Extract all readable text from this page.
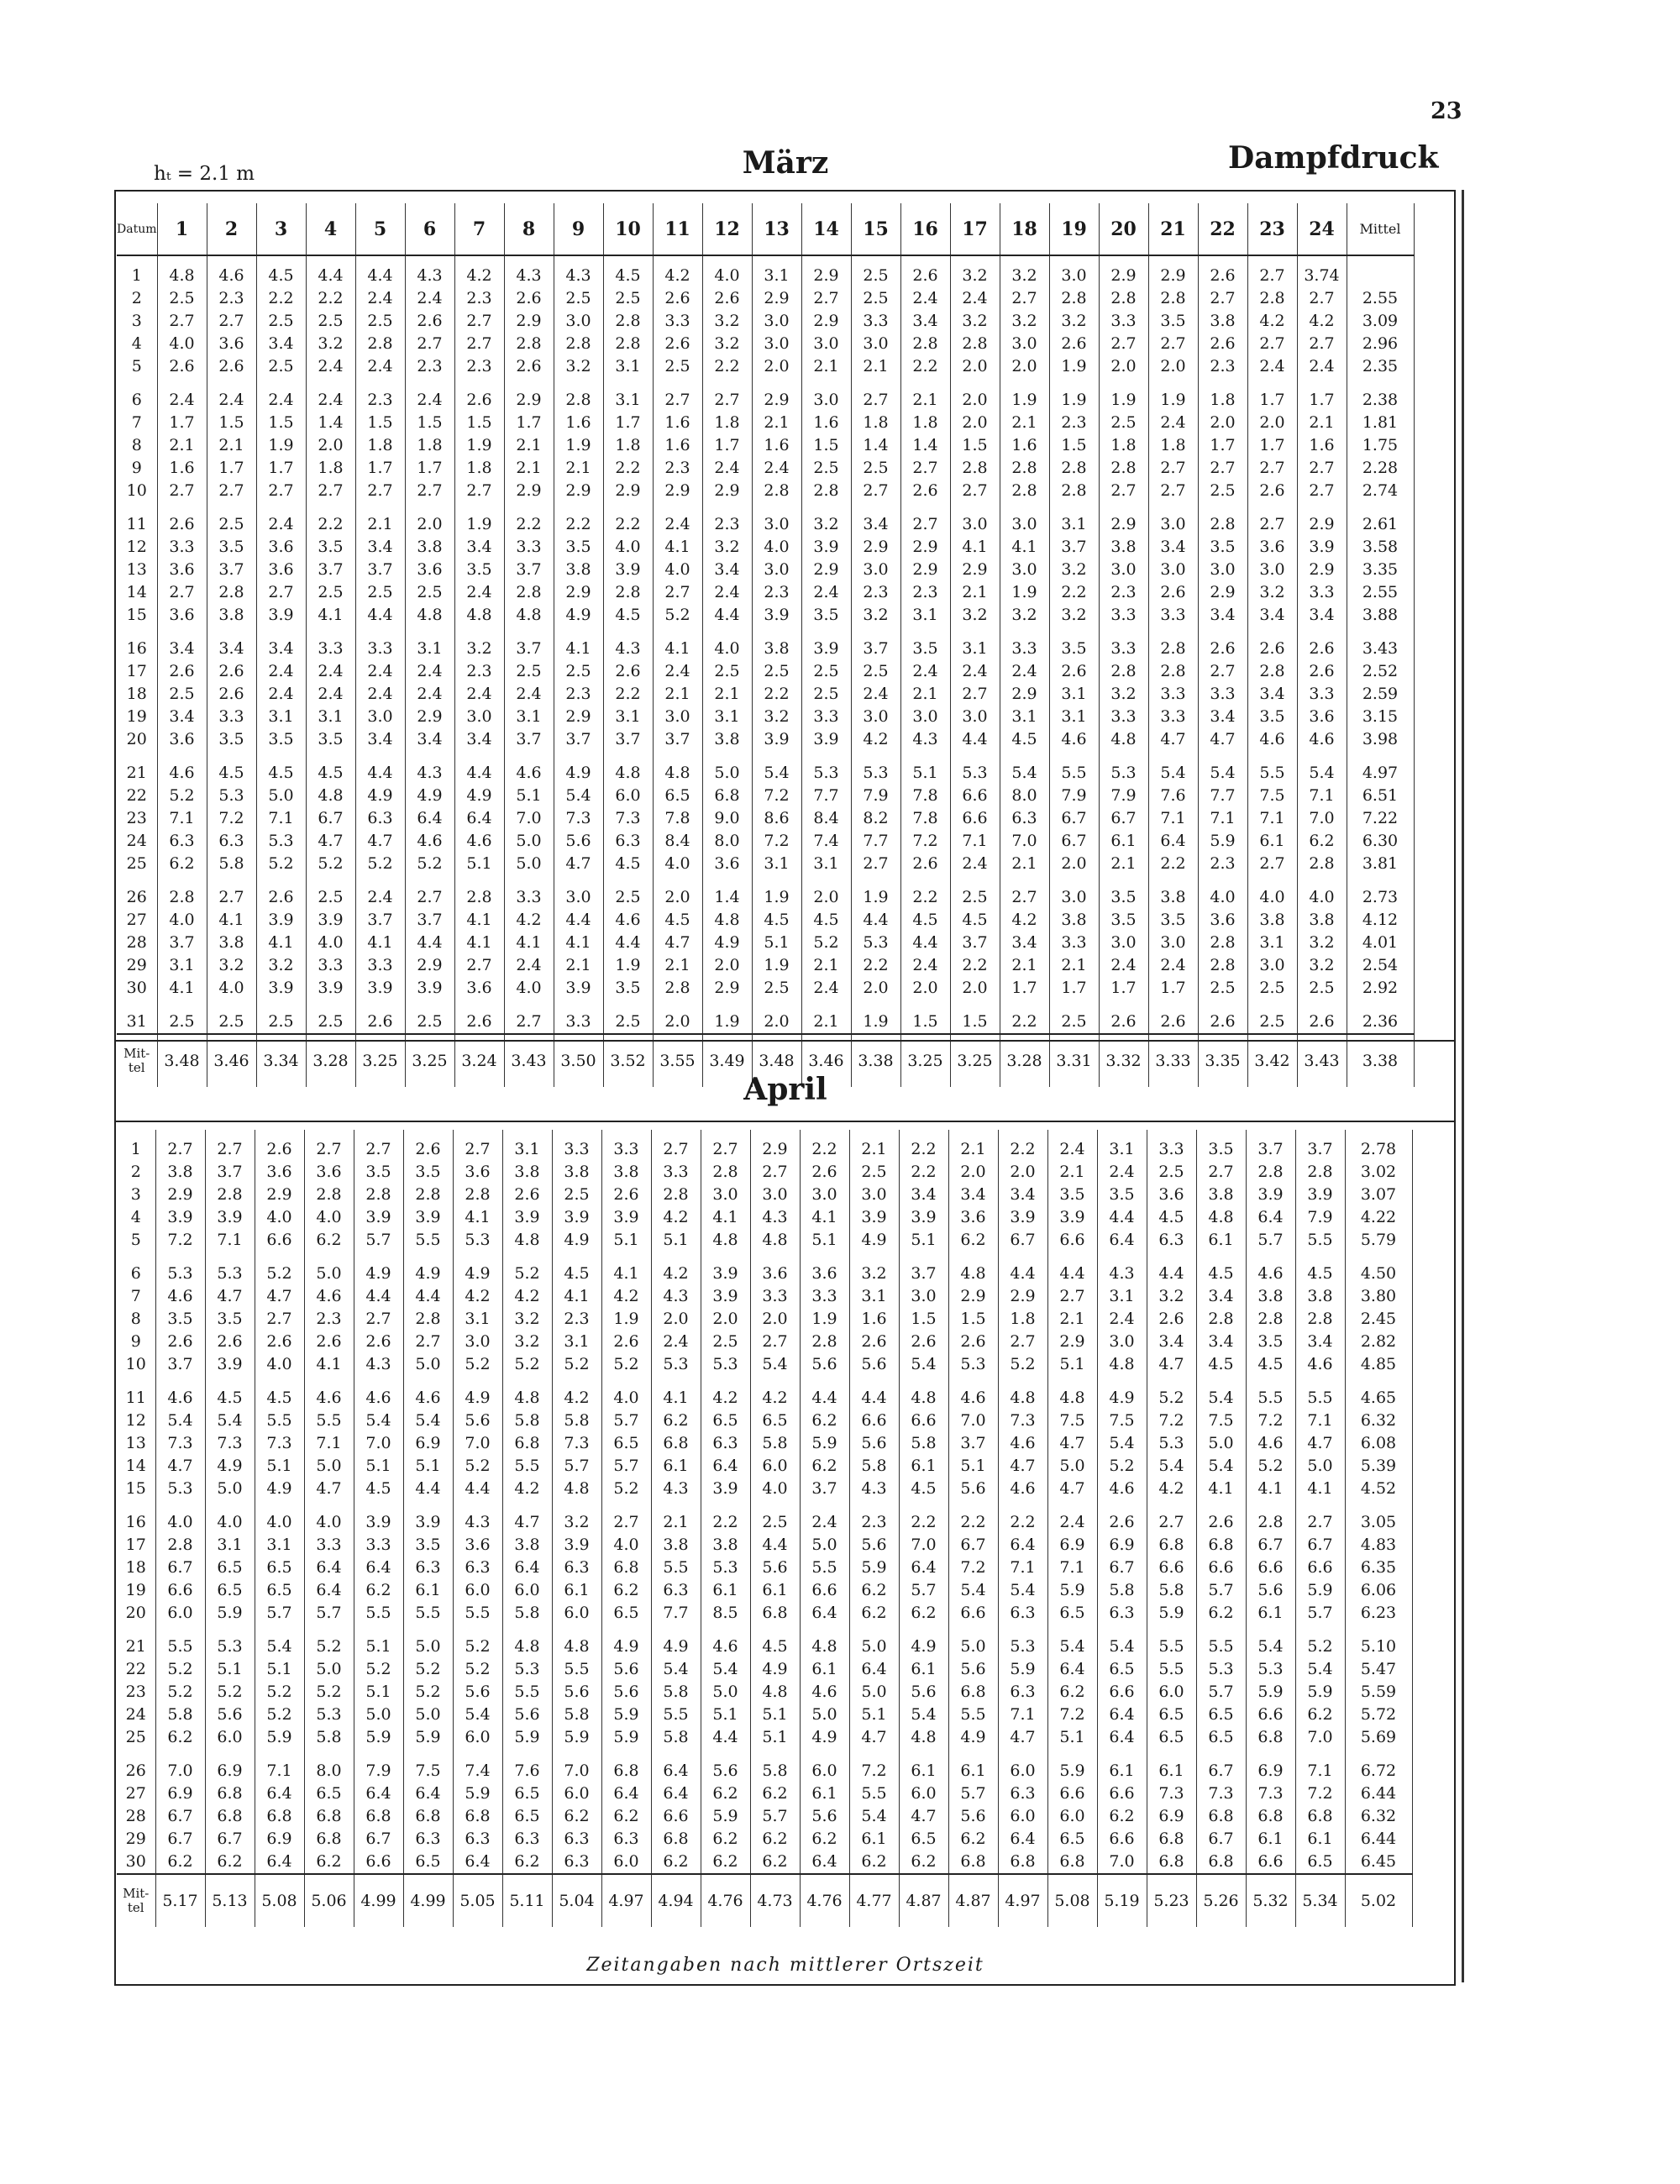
23
hₜ = 2.1 m	März	Dampfdruck
Datum	1	2	3	4	5	6	7	8	9	10	11	12	13	14	15	16	17	18	19	20	21	22	23	24	Mittel

1	4.8	4.6	4.5	4.4	4.4	4.3	4.2	4.3	4.3	4.5	4.2	4.0	3.1	2.9	2.5	2.6	3.2	3.2	3.0	2.9	2.9	2.6	2.7	3.74	
2	2.5	2.3	2.2	2.2	2.4	2.4	2.3	2.6	2.5	2.5	2.6	2.6	2.9	2.7	2.5	2.4	2.4	2.7	2.8	2.8	2.8	2.7	2.8	2.7	2.55
3	2.7	2.7	2.5	2.5	2.5	2.6	2.7	2.9	3.0	2.8	3.3	3.2	3.0	2.9	3.3	3.4	3.2	3.2	3.2	3.3	3.5	3.8	4.2	4.2	3.09
4	4.0	3.6	3.4	3.2	2.8	2.7	2.7	2.8	2.8	2.8	2.6	3.2	3.0	3.0	3.0	2.8	2.8	3.0	2.6	2.7	2.7	2.6	2.7	2.7	2.96
5	2.6	2.6	2.5	2.4	2.4	2.3	2.3	2.6	3.2	3.1	2.5	2.2	2.0	2.1	2.1	2.2	2.0	2.0	1.9	2.0	2.0	2.3	2.4	2.4	2.35

6	2.4	2.4	2.4	2.4	2.3	2.4	2.6	2.9	2.8	3.1	2.7	2.7	2.9	3.0	2.7	2.1	2.0	1.9	1.9	1.9	1.9	1.8	1.7	1.7	2.38
7	1.7	1.5	1.5	1.4	1.5	1.5	1.5	1.7	1.6	1.7	1.6	1.8	2.1	1.6	1.8	1.8	2.0	2.1	2.3	2.5	2.4	2.0	2.0	2.1	1.81
8	2.1	2.1	1.9	2.0	1.8	1.8	1.9	2.1	1.9	1.8	1.6	1.7	1.6	1.5	1.4	1.4	1.5	1.6	1.5	1.8	1.8	1.7	1.7	1.6	1.75
9	1.6	1.7	1.7	1.8	1.7	1.7	1.8	2.1	2.1	2.2	2.3	2.4	2.4	2.5	2.5	2.7	2.8	2.8	2.8	2.8	2.7	2.7	2.7	2.7	2.28
10	2.7	2.7	2.7	2.7	2.7	2.7	2.7	2.9	2.9	2.9	2.9	2.9	2.8	2.8	2.7	2.6	2.7	2.8	2.8	2.7	2.7	2.5	2.6	2.7	2.74

11	2.6	2.5	2.4	2.2	2.1	2.0	1.9	2.2	2.2	2.2	2.4	2.3	3.0	3.2	3.4	2.7	3.0	3.0	3.1	2.9	3.0	2.8	2.7	2.9	2.61
12	3.3	3.5	3.6	3.5	3.4	3.8	3.4	3.3	3.5	4.0	4.1	3.2	4.0	3.9	2.9	2.9	4.1	4.1	3.7	3.8	3.4	3.5	3.6	3.9	3.58
13	3.6	3.7	3.6	3.7	3.7	3.6	3.5	3.7	3.8	3.9	4.0	3.4	3.0	2.9	3.0	2.9	2.9	3.0	3.2	3.0	3.0	3.0	3.0	2.9	3.35
14	2.7	2.8	2.7	2.5	2.5	2.5	2.4	2.8	2.9	2.8	2.7	2.4	2.3	2.4	2.3	2.3	2.1	1.9	2.2	2.3	2.6	2.9	3.2	3.3	2.55
15	3.6	3.8	3.9	4.1	4.4	4.8	4.8	4.8	4.9	4.5	5.2	4.4	3.9	3.5	3.2	3.1	3.2	3.2	3.2	3.3	3.3	3.4	3.4	3.4	3.88

16	3.4	3.4	3.4	3.3	3.3	3.1	3.2	3.7	4.1	4.3	4.1	4.0	3.8	3.9	3.7	3.5	3.1	3.3	3.5	3.3	2.8	2.6	2.6	2.6	3.43
17	2.6	2.6	2.4	2.4	2.4	2.4	2.3	2.5	2.5	2.6	2.4	2.5	2.5	2.5	2.5	2.4	2.4	2.4	2.6	2.8	2.8	2.7	2.8	2.6	2.52
18	2.5	2.6	2.4	2.4	2.4	2.4	2.4	2.4	2.3	2.2	2.1	2.1	2.2	2.5	2.4	2.1	2.7	2.9	3.1	3.2	3.3	3.3	3.4	3.3	2.59
19	3.4	3.3	3.1	3.1	3.0	2.9	3.0	3.1	2.9	3.1	3.0	3.1	3.2	3.3	3.0	3.0	3.0	3.1	3.1	3.3	3.3	3.4	3.5	3.6	3.15
20	3.6	3.5	3.5	3.5	3.4	3.4	3.4	3.7	3.7	3.7	3.7	3.8	3.9	3.9	4.2	4.3	4.4	4.5	4.6	4.8	4.7	4.7	4.6	4.6	3.98

21	4.6	4.5	4.5	4.5	4.4	4.3	4.4	4.6	4.9	4.8	4.8	5.0	5.4	5.3	5.3	5.1	5.3	5.4	5.5	5.3	5.4	5.4	5.5	5.4	4.97
22	5.2	5.3	5.0	4.8	4.9	4.9	4.9	5.1	5.4	6.0	6.5	6.8	7.2	7.7	7.9	7.8	6.6	8.0	7.9	7.9	7.6	7.7	7.5	7.1	6.51
23	7.1	7.2	7.1	6.7	6.3	6.4	6.4	7.0	7.3	7.3	7.8	9.0	8.6	8.4	8.2	7.8	6.6	6.3	6.7	6.7	7.1	7.1	7.1	7.0	7.22
24	6.3	6.3	5.3	4.7	4.7	4.6	4.6	5.0	5.6	6.3	8.4	8.0	7.2	7.4	7.7	7.2	7.1	7.0	6.7	6.1	6.4	5.9	6.1	6.2	6.30
25	6.2	5.8	5.2	5.2	5.2	5.2	5.1	5.0	4.7	4.5	4.0	3.6	3.1	3.1	2.7	2.6	2.4	2.1	2.0	2.1	2.2	2.3	2.7	2.8	3.81

26	2.8	2.7	2.6	2.5	2.4	2.7	2.8	3.3	3.0	2.5	2.0	1.4	1.9	2.0	1.9	2.2	2.5	2.7	3.0	3.5	3.8	4.0	4.0	4.0	2.73
27	4.0	4.1	3.9	3.9	3.7	3.7	4.1	4.2	4.4	4.6	4.5	4.8	4.5	4.5	4.4	4.5	4.5	4.2	3.8	3.5	3.5	3.6	3.8	3.8	4.12
28	3.7	3.8	4.1	4.0	4.1	4.4	4.1	4.1	4.1	4.4	4.7	4.9	5.1	5.2	5.3	4.4	3.7	3.4	3.3	3.0	3.0	2.8	3.1	3.2	4.01
29	3.1	3.2	3.2	3.3	3.3	2.9	2.7	2.4	2.1	1.9	2.1	2.0	1.9	2.1	2.2	2.4	2.2	2.1	2.1	2.4	2.4	2.8	3.0	3.2	2.54
30	4.1	4.0	3.9	3.9	3.9	3.9	3.6	4.0	3.9	3.5	2.8	2.9	2.5	2.4	2.0	2.0	2.0	1.7	1.7	1.7	1.7	2.5	2.5	2.5	2.92

31	2.5	2.5	2.5	2.5	2.6	2.5	2.6	2.7	3.3	2.5	2.0	1.9	2.0	2.1	1.9	1.5	1.5	2.2	2.5	2.6	2.6	2.6	2.5	2.6	2.36
Mit-tel	3.48	3.46	3.34	3.28	3.25	3.25	3.24	3.43	3.50	3.52	3.55	3.49	3.48	3.46	3.38	3.25	3.25	3.28	3.31	3.32	3.33	3.35	3.42	3.43	3.38
April

1	2.7	2.7	2.6	2.7	2.7	2.6	2.7	3.1	3.3	3.3	2.7	2.7	2.9	2.2	2.1	2.2	2.1	2.2	2.4	3.1	3.3	3.5	3.7	3.7	2.78
2	3.8	3.7	3.6	3.6	3.5	3.5	3.6	3.8	3.8	3.8	3.3	2.8	2.7	2.6	2.5	2.2	2.0	2.0	2.1	2.4	2.5	2.7	2.8	2.8	3.02
3	2.9	2.8	2.9	2.8	2.8	2.8	2.8	2.6	2.5	2.6	2.8	3.0	3.0	3.0	3.0	3.4	3.4	3.4	3.5	3.5	3.6	3.8	3.9	3.9	3.07
4	3.9	3.9	4.0	4.0	3.9	3.9	4.1	3.9	3.9	3.9	4.2	4.1	4.3	4.1	3.9	3.9	3.6	3.9	3.9	4.4	4.5	4.8	6.4	7.9	4.22
5	7.2	7.1	6.6	6.2	5.7	5.5	5.3	4.8	4.9	5.1	5.1	4.8	4.8	5.1	4.9	5.1	6.2	6.7	6.6	6.4	6.3	6.1	5.7	5.5	5.79

6	5.3	5.3	5.2	5.0	4.9	4.9	4.9	5.2	4.5	4.1	4.2	3.9	3.6	3.6	3.2	3.7	4.8	4.4	4.4	4.3	4.4	4.5	4.6	4.5	4.50
7	4.6	4.7	4.7	4.6	4.4	4.4	4.2	4.2	4.1	4.2	4.3	3.9	3.3	3.3	3.1	3.0	2.9	2.9	2.7	3.1	3.2	3.4	3.8	3.8	3.80
8	3.5	3.5	2.7	2.3	2.7	2.8	3.1	3.2	2.3	1.9	2.0	2.0	2.0	1.9	1.6	1.5	1.5	1.8	2.1	2.4	2.6	2.8	2.8	2.8	2.45
9	2.6	2.6	2.6	2.6	2.6	2.7	3.0	3.2	3.1	2.6	2.4	2.5	2.7	2.8	2.6	2.6	2.6	2.7	2.9	3.0	3.4	3.4	3.5	3.4	2.82
10	3.7	3.9	4.0	4.1	4.3	5.0	5.2	5.2	5.2	5.2	5.3	5.3	5.4	5.6	5.6	5.4	5.3	5.2	5.1	4.8	4.7	4.5	4.5	4.6	4.85

11	4.6	4.5	4.5	4.6	4.6	4.6	4.9	4.8	4.2	4.0	4.1	4.2	4.2	4.4	4.4	4.8	4.6	4.8	4.8	4.9	5.2	5.4	5.5	5.5	4.65
12	5.4	5.4	5.5	5.5	5.4	5.4	5.6	5.8	5.8	5.7	6.2	6.5	6.5	6.2	6.6	6.6	7.0	7.3	7.5	7.5	7.2	7.5	7.2	7.1	6.32
13	7.3	7.3	7.3	7.1	7.0	6.9	7.0	6.8	7.3	6.5	6.8	6.3	5.8	5.9	5.6	5.8	3.7	4.6	4.7	5.4	5.3	5.0	4.6	4.7	6.08
14	4.7	4.9	5.1	5.0	5.1	5.1	5.2	5.5	5.7	5.7	6.1	6.4	6.0	6.2	5.8	6.1	5.1	4.7	5.0	5.2	5.4	5.4	5.2	5.0	5.39
15	5.3	5.0	4.9	4.7	4.5	4.4	4.4	4.2	4.8	5.2	4.3	3.9	4.0	3.7	4.3	4.5	5.6	4.6	4.7	4.6	4.2	4.1	4.1	4.1	4.52

16	4.0	4.0	4.0	4.0	3.9	3.9	4.3	4.7	3.2	2.7	2.1	2.2	2.5	2.4	2.3	2.2	2.2	2.2	2.4	2.6	2.7	2.6	2.8	2.7	3.05
17	2.8	3.1	3.1	3.3	3.3	3.5	3.6	3.8	3.9	4.0	3.8	3.8	4.4	5.0	5.6	7.0	6.7	6.4	6.9	6.9	6.8	6.8	6.7	6.7	4.83
18	6.7	6.5	6.5	6.4	6.4	6.3	6.3	6.4	6.3	6.8	5.5	5.3	5.6	5.5	5.9	6.4	7.2	7.1	7.1	6.7	6.6	6.6	6.6	6.6	6.35
19	6.6	6.5	6.5	6.4	6.2	6.1	6.0	6.0	6.1	6.2	6.3	6.1	6.1	6.6	6.2	5.7	5.4	5.4	5.9	5.8	5.8	5.7	5.6	5.9	6.06
20	6.0	5.9	5.7	5.7	5.5	5.5	5.5	5.8	6.0	6.5	7.7	8.5	6.8	6.4	6.2	6.2	6.6	6.3	6.5	6.3	5.9	6.2	6.1	5.7	6.23

21	5.5	5.3	5.4	5.2	5.1	5.0	5.2	4.8	4.8	4.9	4.9	4.6	4.5	4.8	5.0	4.9	5.0	5.3	5.4	5.4	5.5	5.5	5.4	5.2	5.10
22	5.2	5.1	5.1	5.0	5.2	5.2	5.2	5.3	5.5	5.6	5.4	5.4	4.9	6.1	6.4	6.1	5.6	5.9	6.4	6.5	5.5	5.3	5.3	5.4	5.47
23	5.2	5.2	5.2	5.2	5.1	5.2	5.6	5.5	5.6	5.6	5.8	5.0	4.8	4.6	5.0	5.6	6.8	6.3	6.2	6.6	6.0	5.7	5.9	5.9	5.59
24	5.8	5.6	5.2	5.3	5.0	5.0	5.4	5.6	5.8	5.9	5.5	5.1	5.1	5.0	5.1	5.4	5.5	7.1	7.2	6.4	6.5	6.5	6.6	6.2	5.72
25	6.2	6.0	5.9	5.8	5.9	5.9	6.0	5.9	5.9	5.9	5.8	4.4	5.1	4.9	4.7	4.8	4.9	4.7	5.1	6.4	6.5	6.5	6.8	7.0	5.69

26	7.0	6.9	7.1	8.0	7.9	7.5	7.4	7.6	7.0	6.8	6.4	5.6	5.8	6.0	7.2	6.1	6.1	6.0	5.9	6.1	6.1	6.7	6.9	7.1	6.72
27	6.9	6.8	6.4	6.5	6.4	6.4	5.9	6.5	6.0	6.4	6.4	6.2	6.2	6.1	5.5	6.0	5.7	6.3	6.6	6.6	7.3	7.3	7.3	7.2	6.44
28	6.7	6.8	6.8	6.8	6.8	6.8	6.8	6.5	6.2	6.2	6.6	5.9	5.7	5.6	5.4	4.7	5.6	6.0	6.0	6.2	6.9	6.8	6.8	6.8	6.32
29	6.7	6.7	6.9	6.8	6.7	6.3	6.3	6.3	6.3	6.3	6.8	6.2	6.2	6.2	6.1	6.5	6.2	6.4	6.5	6.6	6.8	6.7	6.1	6.1	6.44
30	6.2	6.2	6.4	6.2	6.6	6.5	6.4	6.2	6.3	6.0	6.2	6.2	6.2	6.4	6.2	6.2	6.8	6.8	6.8	7.0	6.8	6.8	6.6	6.5	6.45
Mit-tel	5.17	5.13	5.08	5.06	4.99	4.99	5.05	5.11	5.04	4.97	4.94	4.76	4.73	4.76	4.77	4.87	4.87	4.97	5.08	5.19	5.23	5.26	5.32	5.34	5.02
Zeitangaben nach mittlerer Ortszeit
